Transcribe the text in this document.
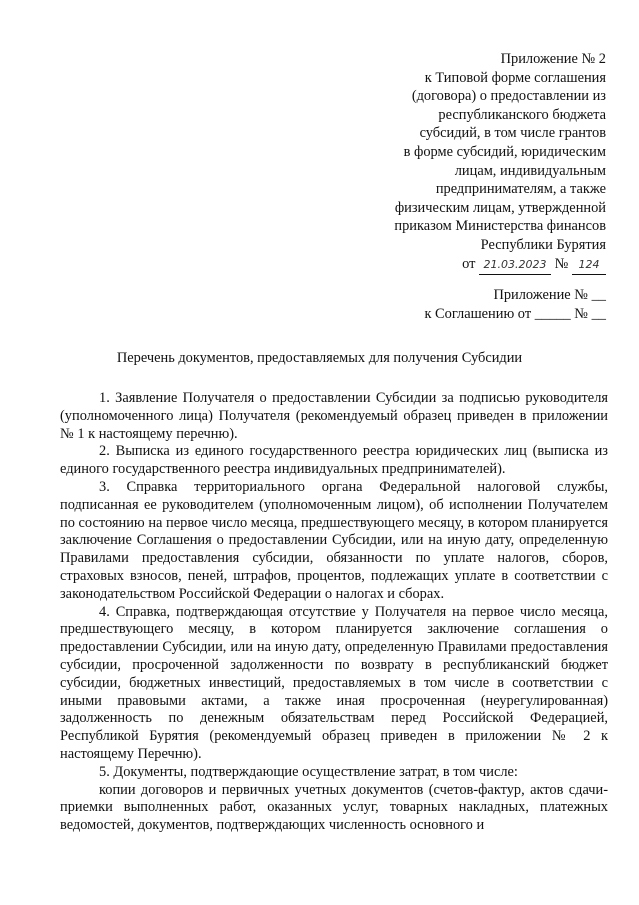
Приложение № 2
к Типовой форме соглашения
(договора) о предоставлении из
республиканского бюджета
субсидий, в том числе грантов
в форме субсидий, юридическим
лицам, индивидуальным
предпринимателям, а также
физическим лицам, утвержденной
приказом Министерства финансов
Республики Бурятия
от 21.03.2023 № 124
Приложение № __
к Соглашению от _____ № __
Перечень документов, предоставляемых для получения Субсидии

1. Заявление Получателя о предоставлении Субсидии за подписью руководителя (уполномоченного лица) Получателя (рекомендуемый образец приведен в приложении № 1 к настоящему перечню).

2. Выписка из единого государственного реестра юридических лиц (выписка из единого государственного реестра индивидуальных предпринимателей).

3. Справка территориального органа Федеральной налоговой службы, подписанная ее руководителем (уполномоченным лицом), об исполнении Получателем по состоянию на первое число месяца, предшествующего месяцу, в котором планируется заключение Соглашения о предоставлении Субсидии, или на иную дату, определенную Правилами предоставления субсидии, обязанности по уплате налогов, сборов, страховых взносов, пеней, штрафов, процентов, подлежащих уплате в соответствии с законодательством Российской Федерации о налогах и сборах.

4. Справка, подтверждающая отсутствие у Получателя на первое число месяца, предшествующего месяцу, в котором планируется заключение соглашения о предоставлении Субсидии, или на иную дату, определенную Правилами предоставления субсидии, просроченной задолженности по возврату в республиканский бюджет субсидии, бюджетных инвестиций, предоставляемых в том числе в соответствии с иными правовыми актами, а также иная просроченная (неурегулированная) задолженность по денежным обязательствам перед Российской Федерацией, Республикой Бурятия (рекомендуемый образец приведен в приложении № 2 к настоящему Перечню).

5. Документы, подтверждающие осуществление затрат, в том числе:

копии договоров и первичных учетных документов (счетов-фактур, актов сдачи-приемки выполненных работ, оказанных услуг, товарных накладных, платежных ведомостей, документов, подтверждающих численность основного и
